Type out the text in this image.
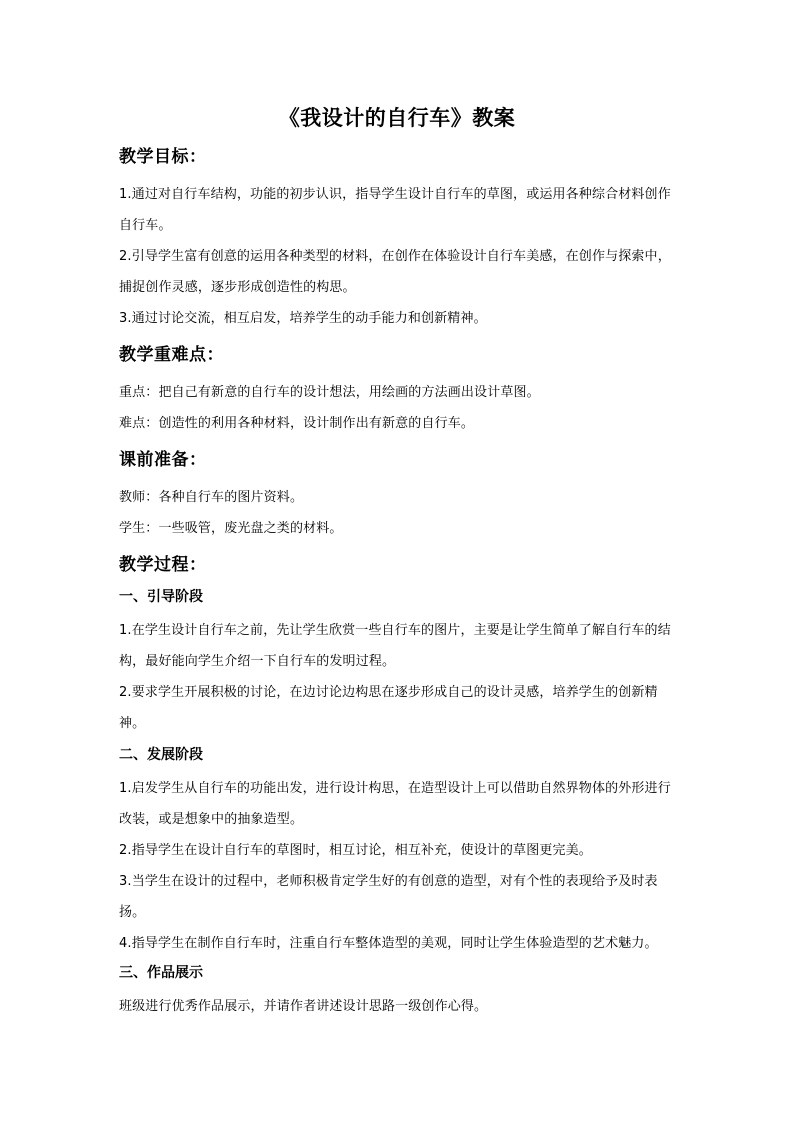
《我设计的自行车》教案
教学目标：

1.通过对自行车结构，功能的初步认识，指导学生设计自行车的草图，或运用各种综合材料创作自行车。

2.引导学生富有创意的运用各种类型的材料，在创作在体验设计自行车美感，在创作与探索中，捕捉创作灵感，逐步形成创造性的构思。

3.通过讨论交流，相互启发，培养学生的动手能力和创新精神。

教学重难点：

重点：把自己有新意的自行车的设计想法，用绘画的方法画出设计草图。

难点：创造性的利用各种材料，设计制作出有新意的自行车。

课前准备：

教师：各种自行车的图片资料。

学生：一些吸管，废光盘之类的材料。

教学过程：
一、引导阶段

1.在学生设计自行车之前，先让学生欣赏一些自行车的图片，主要是让学生简单了解自行车的结构，最好能向学生介绍一下自行车的发明过程。

2.要求学生开展积极的讨论，在边讨论边构思在逐步形成自己的设计灵感，培养学生的创新精神。

二、发展阶段

1.启发学生从自行车的功能出发，进行设计构思，在造型设计上可以借助自然界物体的外形进行改装，或是想象中的抽象造型。

2.指导学生在设计自行车的草图时，相互讨论，相互补充，使设计的草图更完美。

3.当学生在设计的过程中，老师积极肯定学生好的有创意的造型，对有个性的表现给予及时表扬。

4.指导学生在制作自行车时，注重自行车整体造型的美观，同时让学生体验造型的艺术魅力。

三、作品展示

班级进行优秀作品展示，并请作者讲述设计思路一级创作心得。
